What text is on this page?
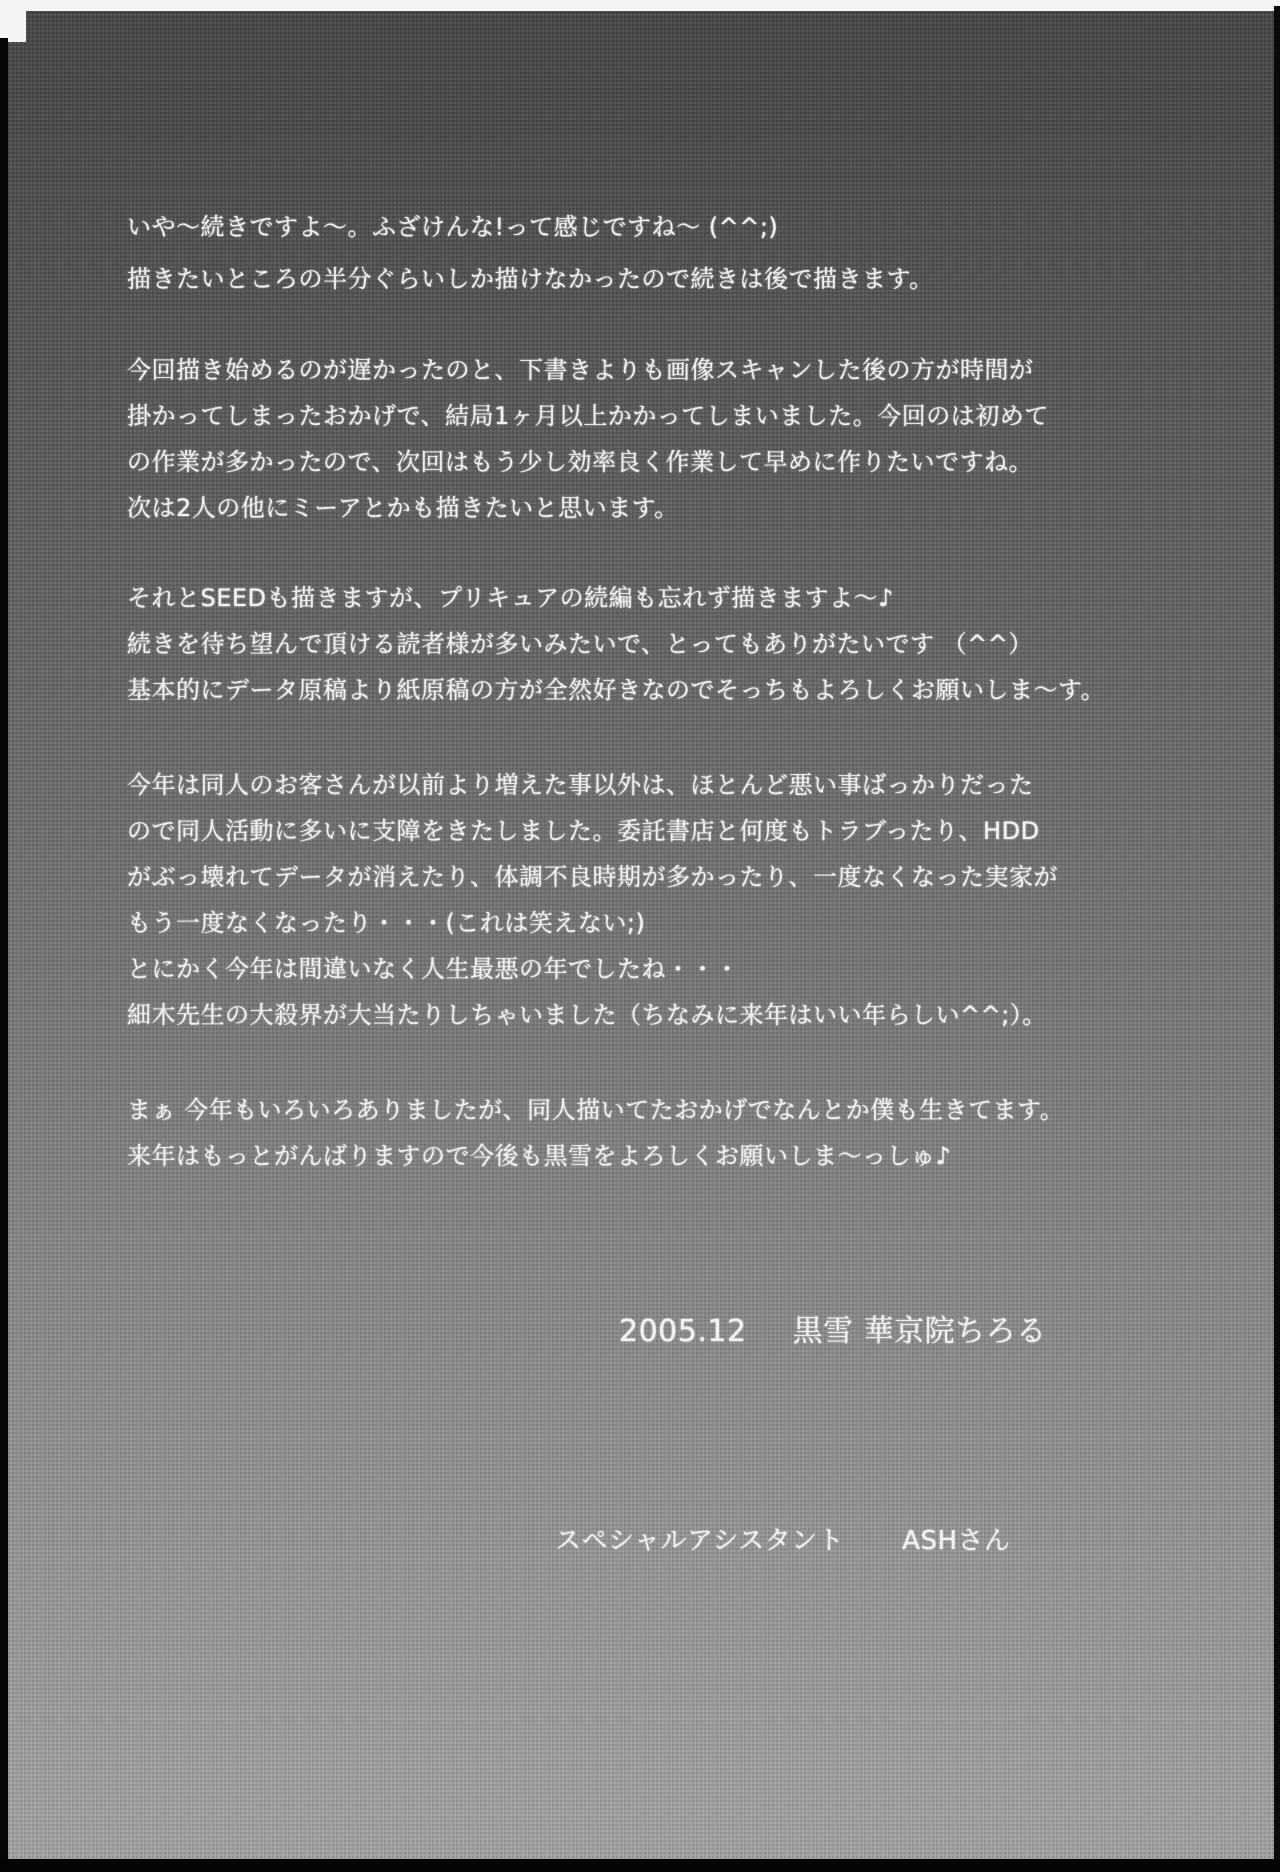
いや〜続きですよ〜。ふざけんな!って感じですね〜 (^^;)
描きたいところの半分ぐらいしか描けなかったので続きは後で描きます。
今回描き始めるのが遅かったのと、下書きよりも画像スキャンした後の方が時間が
掛かってしまったおかげで、結局1ヶ月以上かかってしまいました。今回のは初めて
の作業が多かったので、次回はもう少し効率良く作業して早めに作りたいですね。
次は2人の他にミーアとかも描きたいと思います。
それとSEEDも描きますが、プリキュアの続編も忘れず描きますよ〜♪
続きを待ち望んで頂ける読者様が多いみたいで、とってもありがたいです （^^）
基本的にデータ原稿より紙原稿の方が全然好きなのでそっちもよろしくお願いしま〜す。
今年は同人のお客さんが以前より増えた事以外は、ほとんど悪い事ばっかりだった
ので同人活動に多いに支障をきたしました。委託書店と何度もトラブったり、HDD
がぶっ壊れてデータが消えたり、体調不良時期が多かったり、一度なくなった実家が
もう一度なくなったり・・・(これは笑えない;)
とにかく今年は間違いなく人生最悪の年でしたね・・・
細木先生の大殺界が大当たりしちゃいました（ちなみに来年はいい年らしい^^;）。
まぁ 今年もいろいろありましたが、同人描いてたおかげでなんとか僕も生きてます。
来年はもっとがんばりますので今後も黒雪をよろしくお願いしま〜っしゅ♪
2005.12 黒雪 華京院ちろる
スペシャルアシスタント ASHさん
